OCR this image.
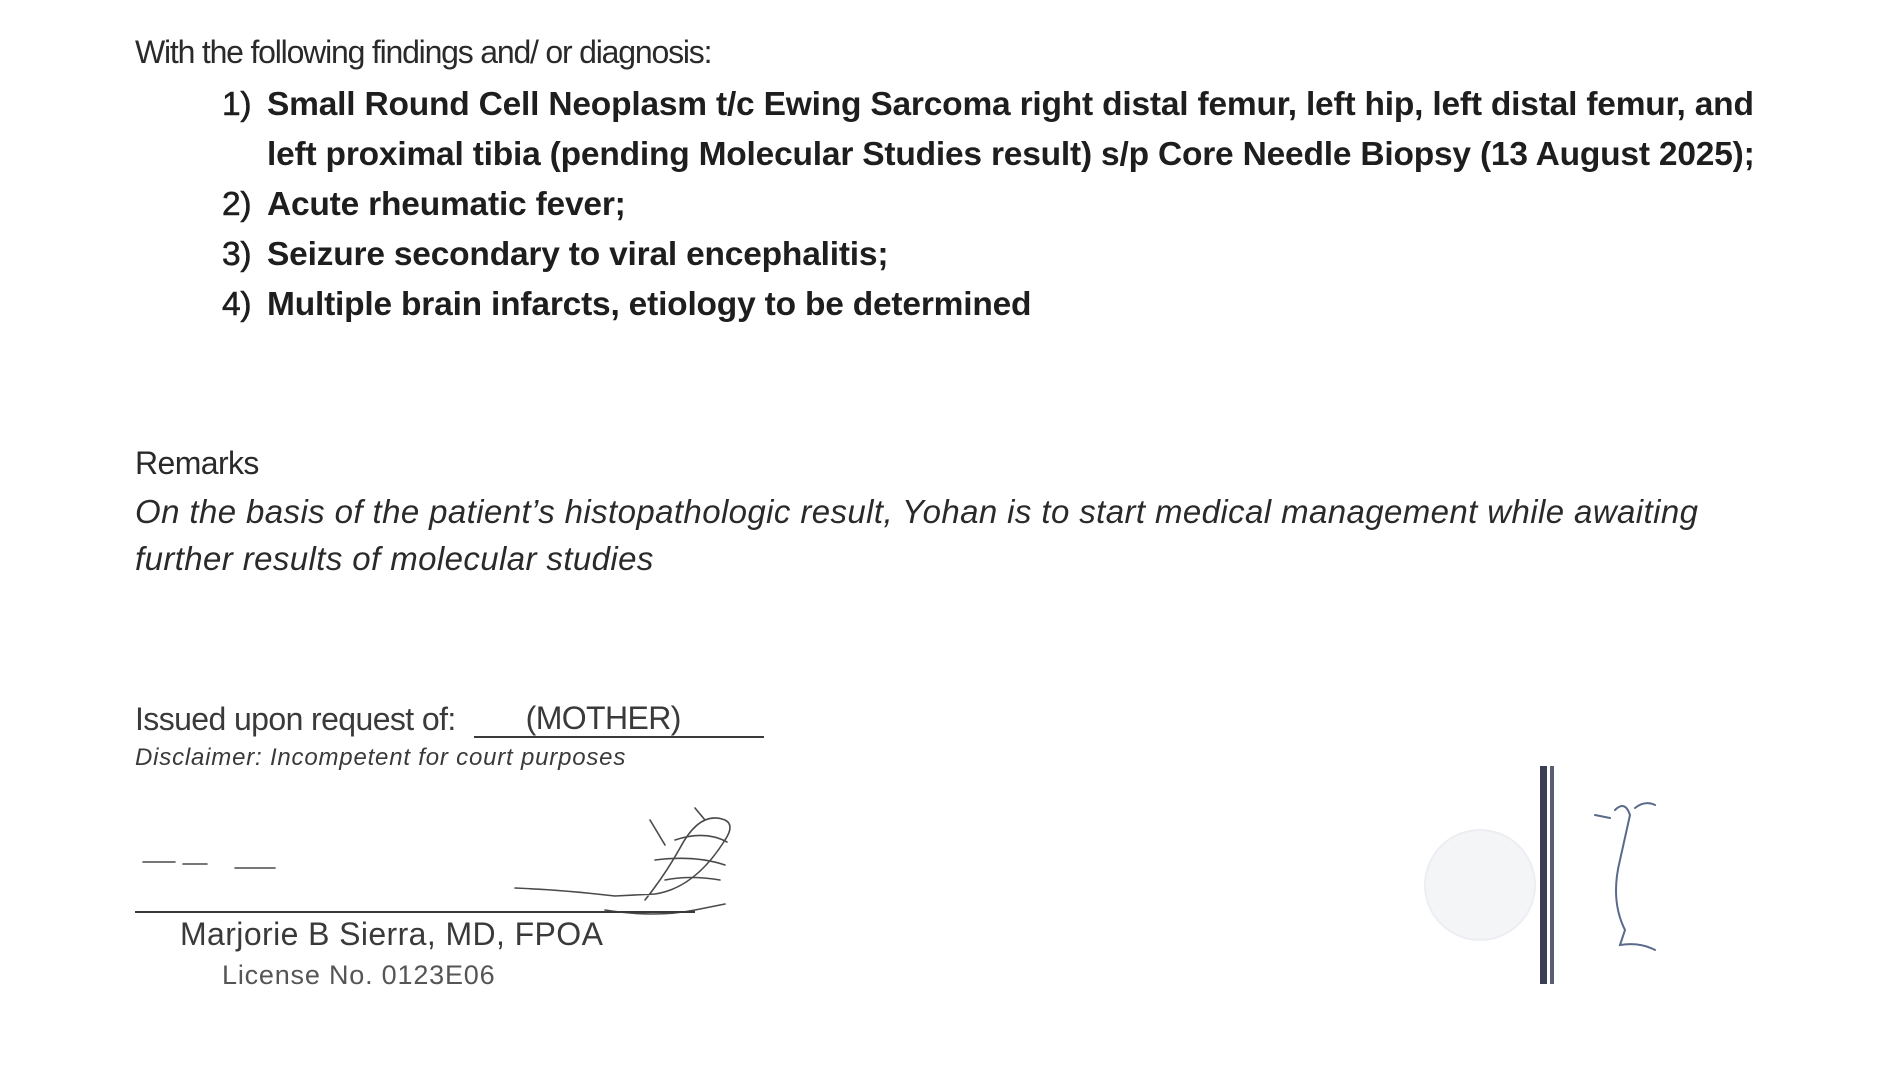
With the following findings and/ or diagnosis:
1) Small Round Cell Neoplasm t/c Ewing Sarcoma right distal femur, left hip, left distal femur, and left proximal tibia (pending Molecular Studies result) s/p Core Needle Biopsy (13 August 2025);
2) Acute rheumatic fever;
3) Seizure secondary to viral encephalitis;
4) Multiple brain infarcts, etiology to be determined
Remarks
On the basis of the patient’s histopathologic result, Yohan is to start medical management while awaiting further results of molecular studies
Issued upon request of:	(MOTHER)
Disclaimer: Incompetent for court purposes
Marjorie B Sierra, MD, FPOA
License No. 0123E06
